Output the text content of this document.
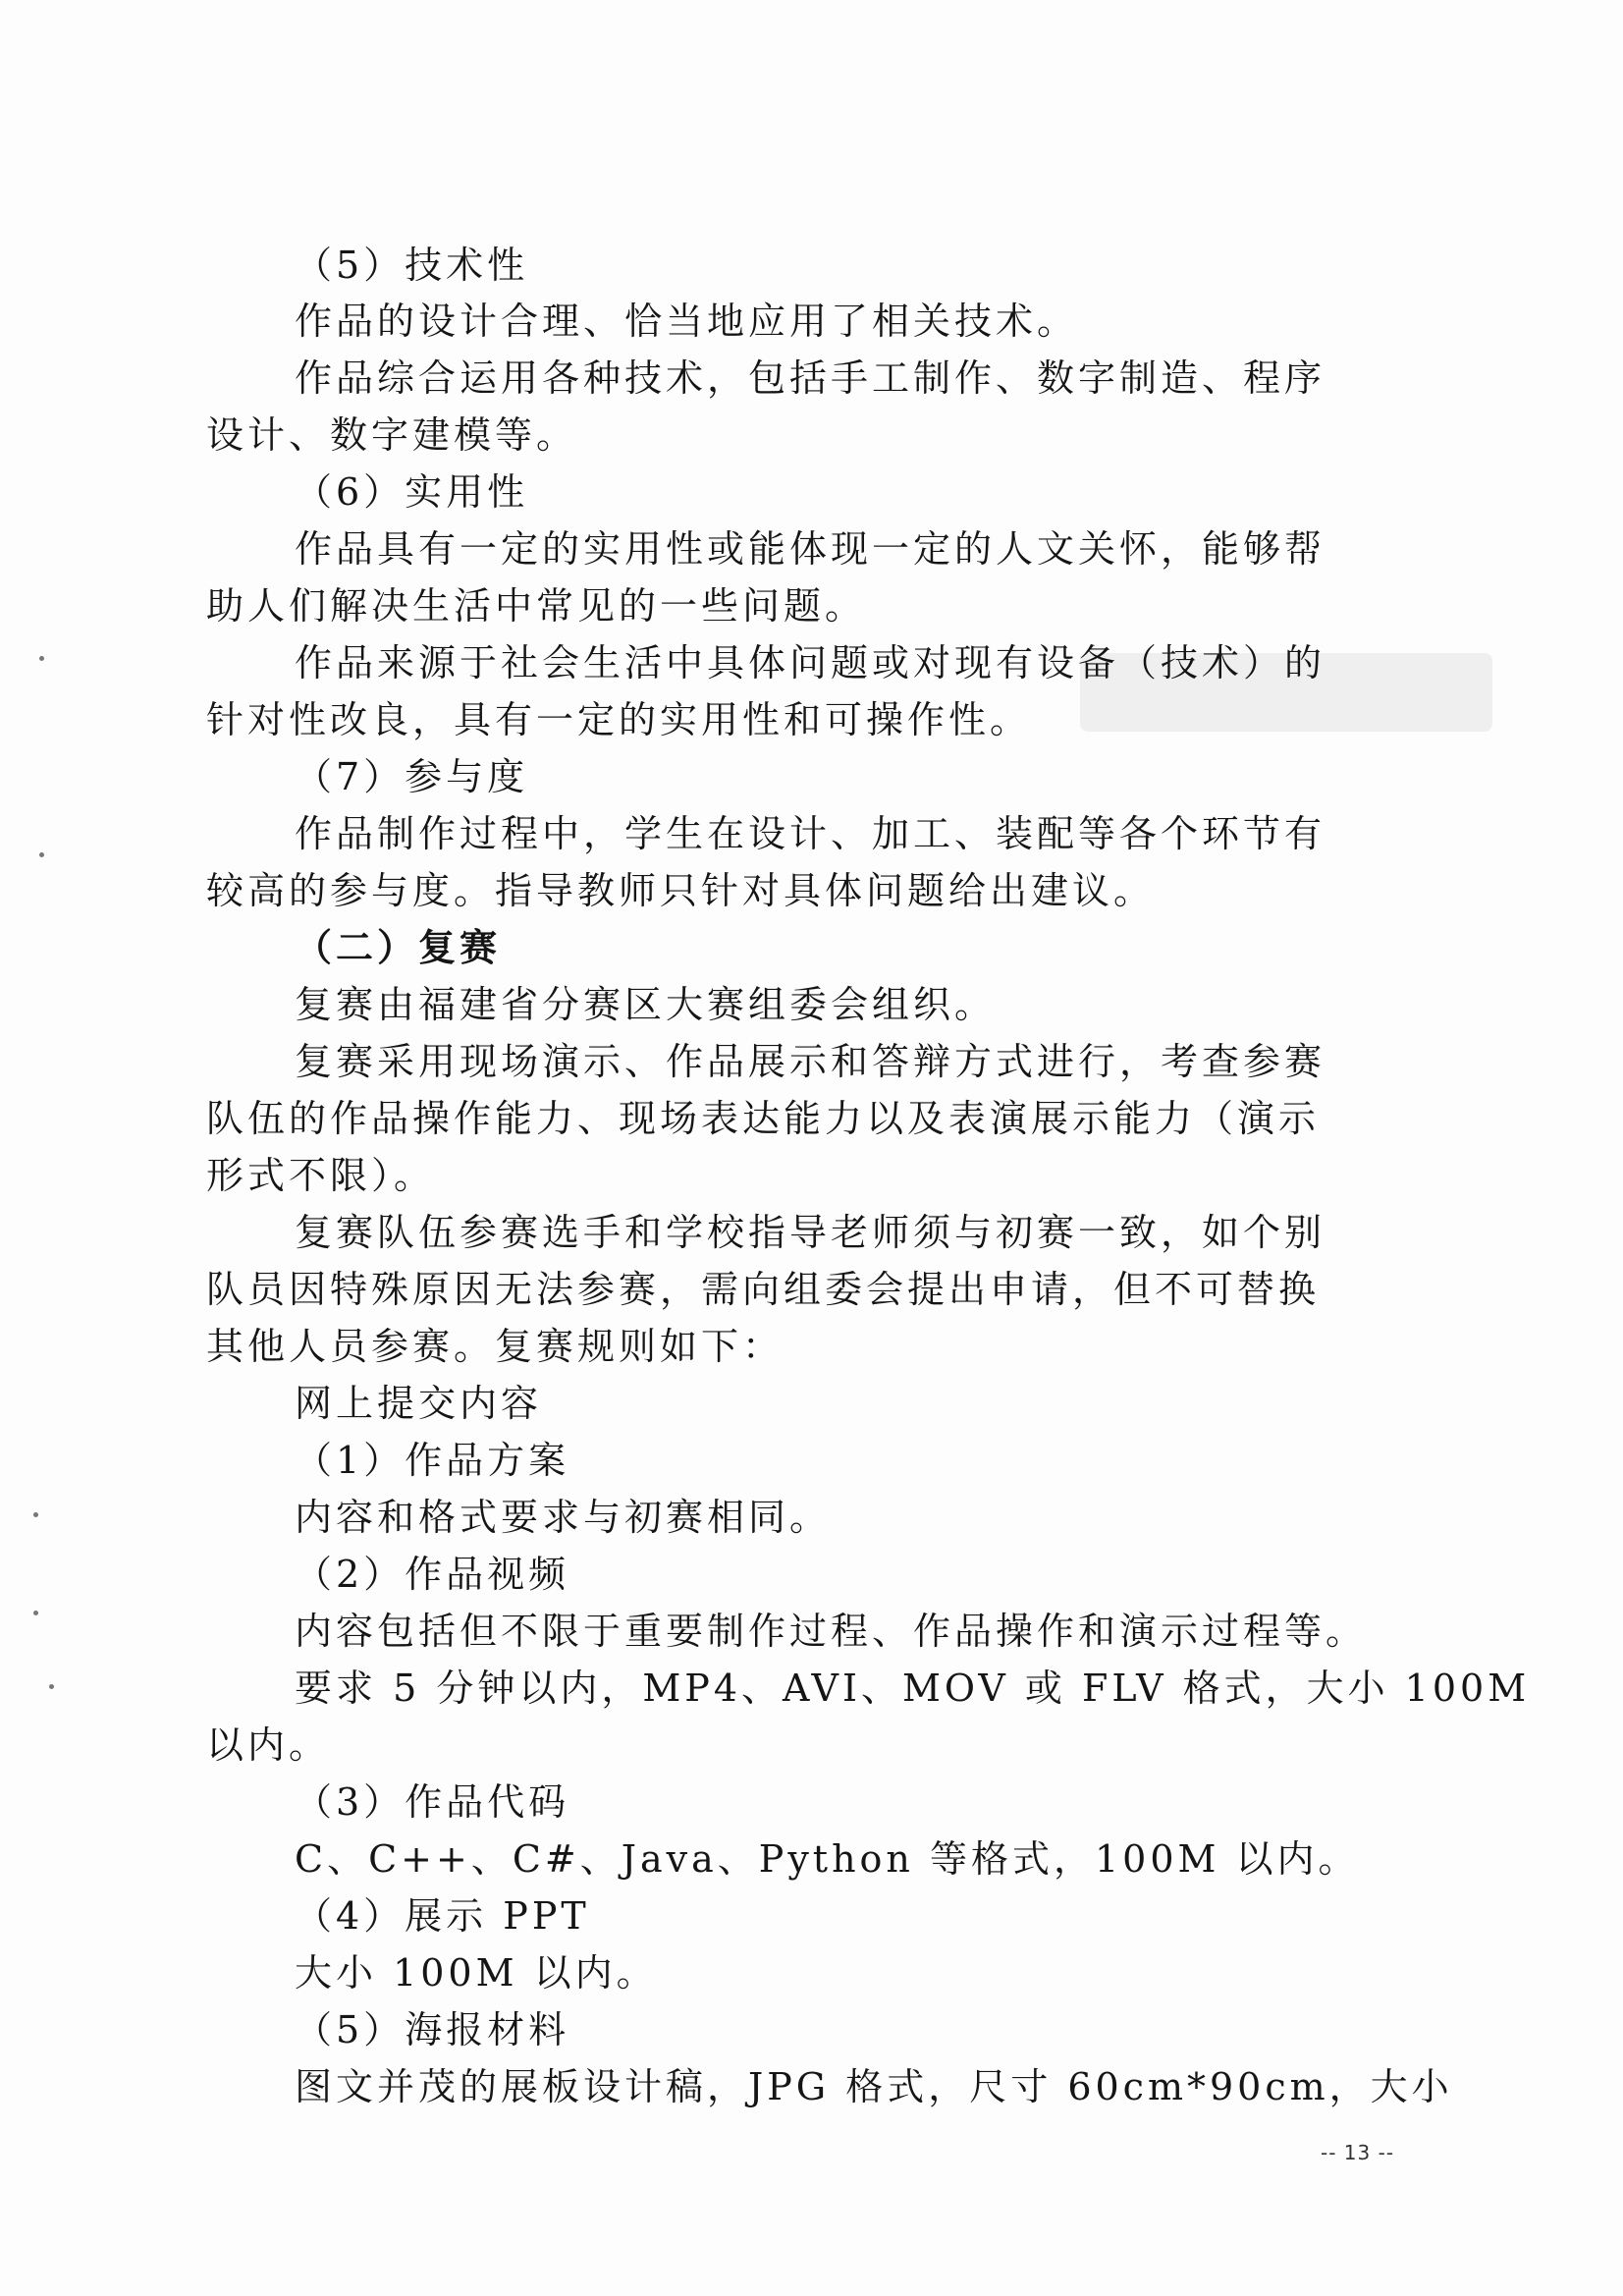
（5）技术性
作品的设计合理、恰当地应用了相关技术。
作品综合运用各种技术，包括手工制作、数字制造、程序
设计、数字建模等。
（6）实用性
作品具有一定的实用性或能体现一定的人文关怀，能够帮
助人们解决生活中常见的一些问题。
作品来源于社会生活中具体问题或对现有设备（技术）的
针对性改良，具有一定的实用性和可操作性。
（7）参与度
作品制作过程中，学生在设计、加工、装配等各个环节有
较高的参与度。指导教师只针对具体问题给出建议。
（二）复赛
复赛由福建省分赛区大赛组委会组织。
复赛采用现场演示、作品展示和答辩方式进行，考查参赛
队伍的作品操作能力、现场表达能力以及表演展示能力（演示
形式不限）。
复赛队伍参赛选手和学校指导老师须与初赛一致，如个别
队员因特殊原因无法参赛，需向组委会提出申请，但不可替换
其他人员参赛。复赛规则如下：
网上提交内容
（1）作品方案
内容和格式要求与初赛相同。
（2）作品视频
内容包括但不限于重要制作过程、作品操作和演示过程等。
要求 5 分钟以内，MP4、AVI、MOV 或 FLV 格式，大小 100M
以内。
（3）作品代码
C、C++、C#、Java、Python 等格式，100M 以内。
（4）展示 PPT
大小 100M 以内。
（5）海报材料
图文并茂的展板设计稿，JPG 格式，尺寸 60cm*90cm，大小
-- 13 --
